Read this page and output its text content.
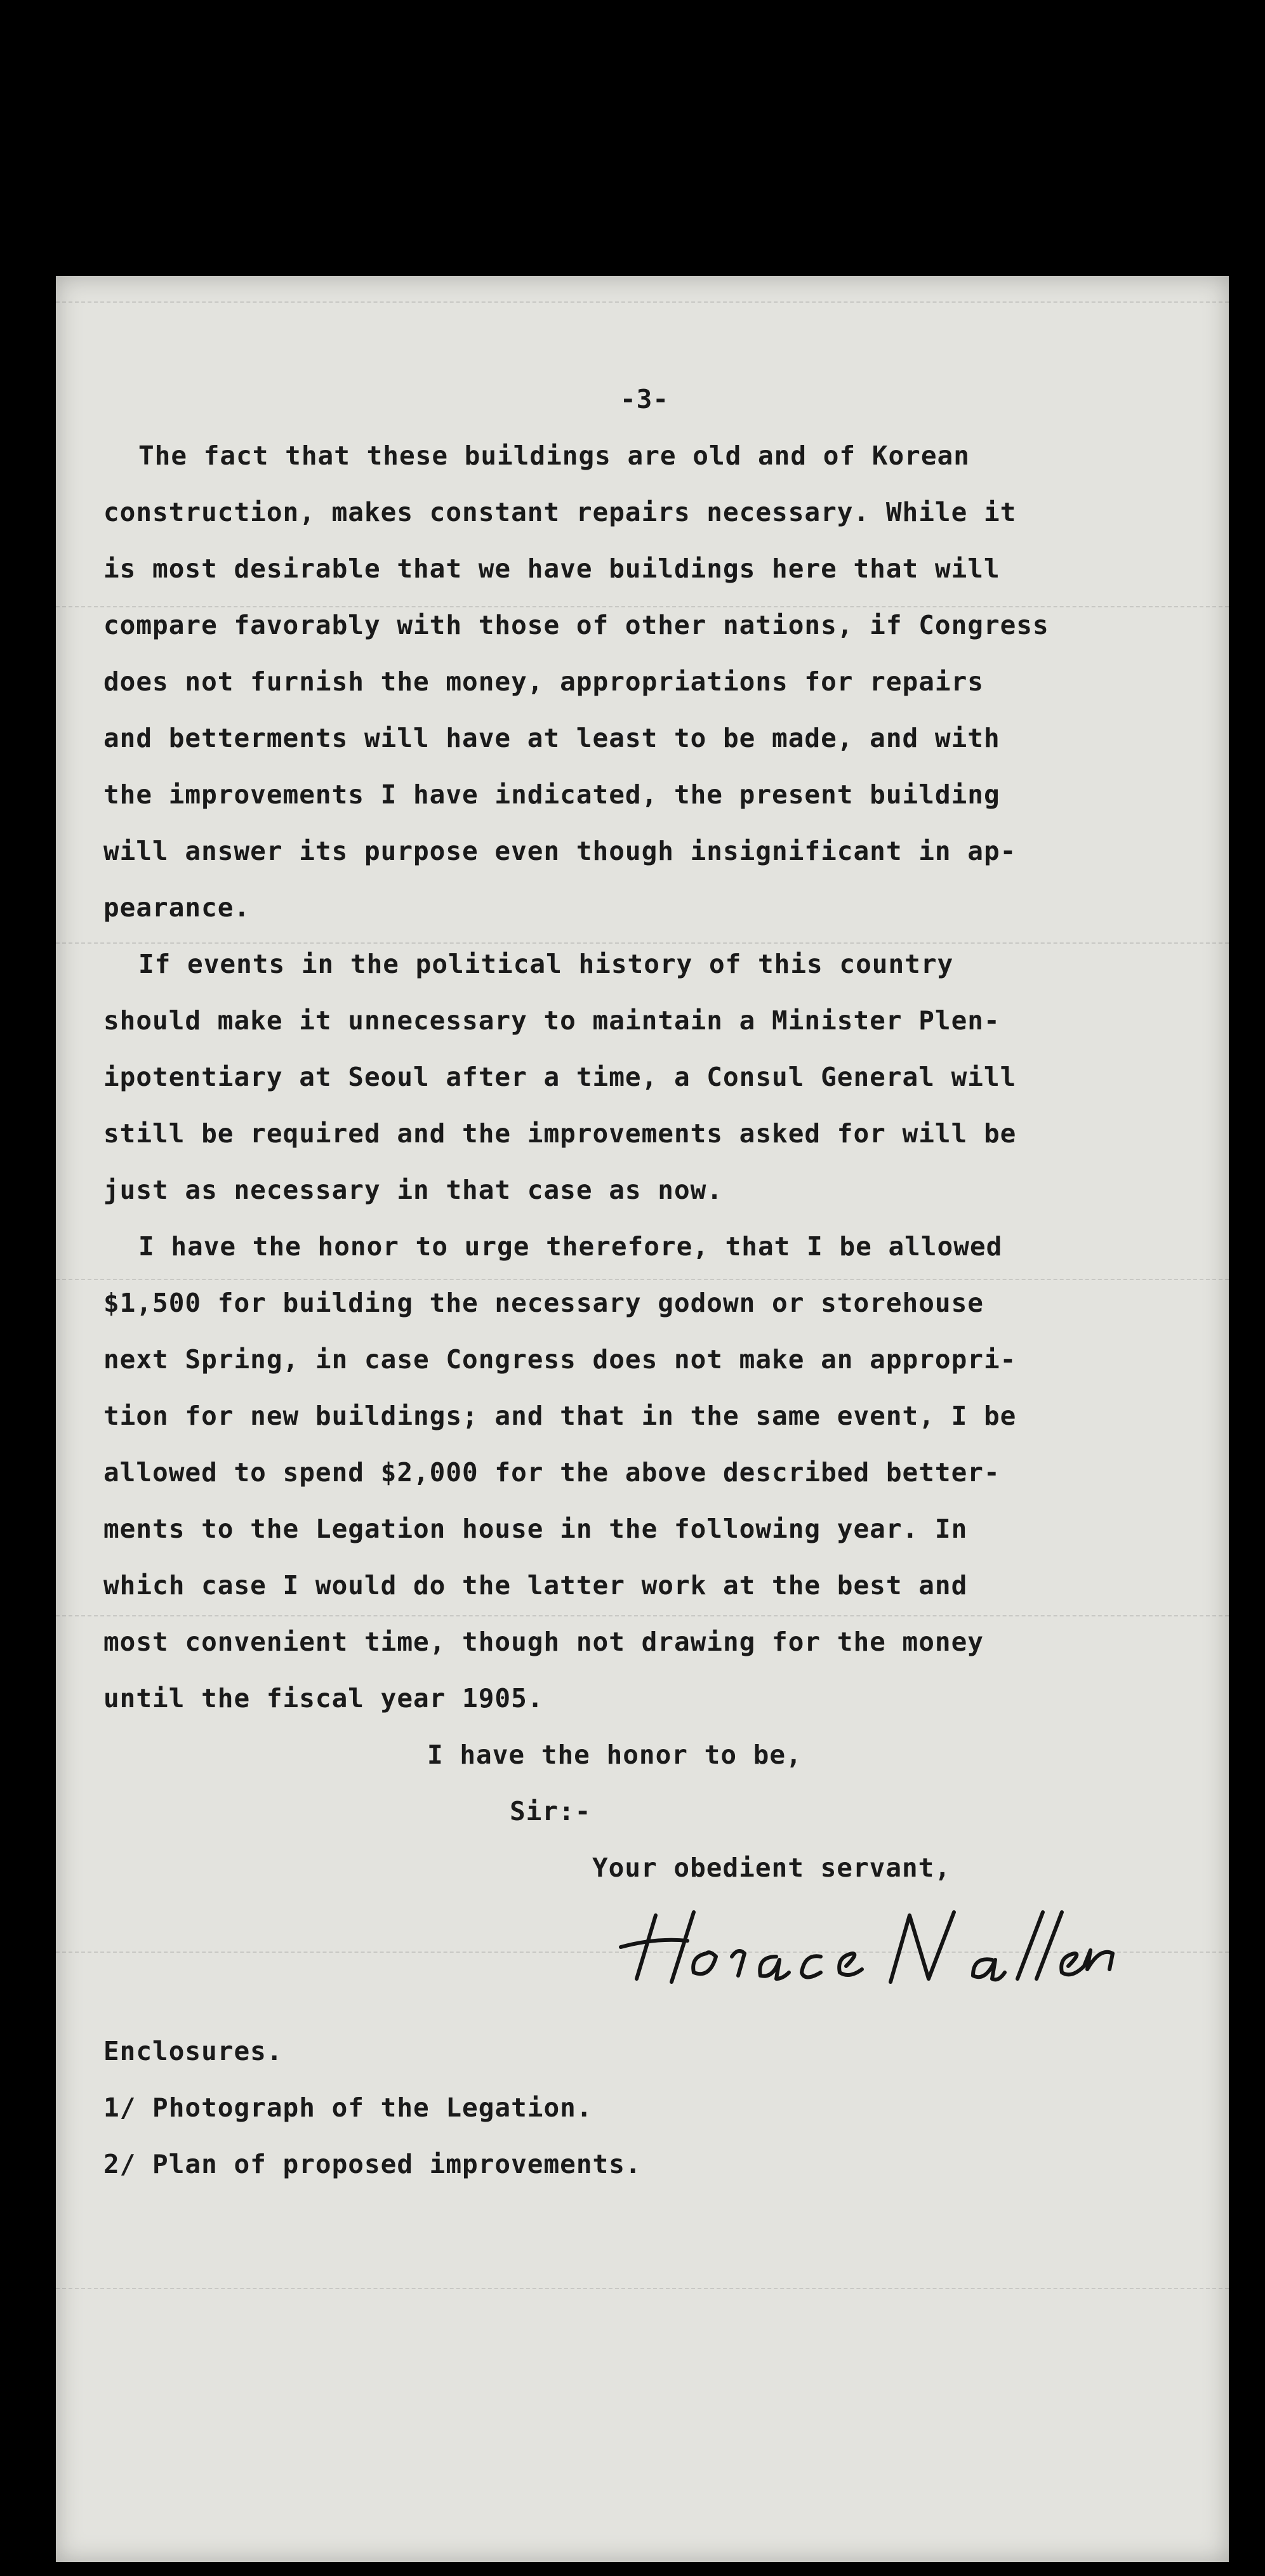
-3-

The fact that these buildings are old and of Korean

construction, makes constant repairs necessary. While it

is most desirable that we have buildings here that will

compare favorably with those of other nations, if Congress

does not furnish the money, appropriations for repairs

and betterments will have at least to be made, and with

the improvements I have indicated, the present building

will answer its purpose even though insignificant in ap-

pearance.

If events in the political history of this country

should make it unnecessary to maintain a Minister Plen-

ipotentiary at Seoul after a time, a Consul General will

still be required and the improvements asked for will be

just as necessary in that case as now.

I have the honor to urge therefore, that I be allowed

$1,500 for building the necessary godown or storehouse

next Spring, in case Congress does not make an appropri-

tion for new buildings; and that in the same event, I be

allowed to spend $2,000 for the above described better-

ments to the Legation house in the following year. In

which case I would do the latter work at the best and

most convenient time, though not drawing for the money

until the fiscal year 1905.

I have the honor to be,
Sir:-
Your obedient servant,

Enclosures.

1/ Photograph of the Legation.

2/ Plan of proposed improvements.
